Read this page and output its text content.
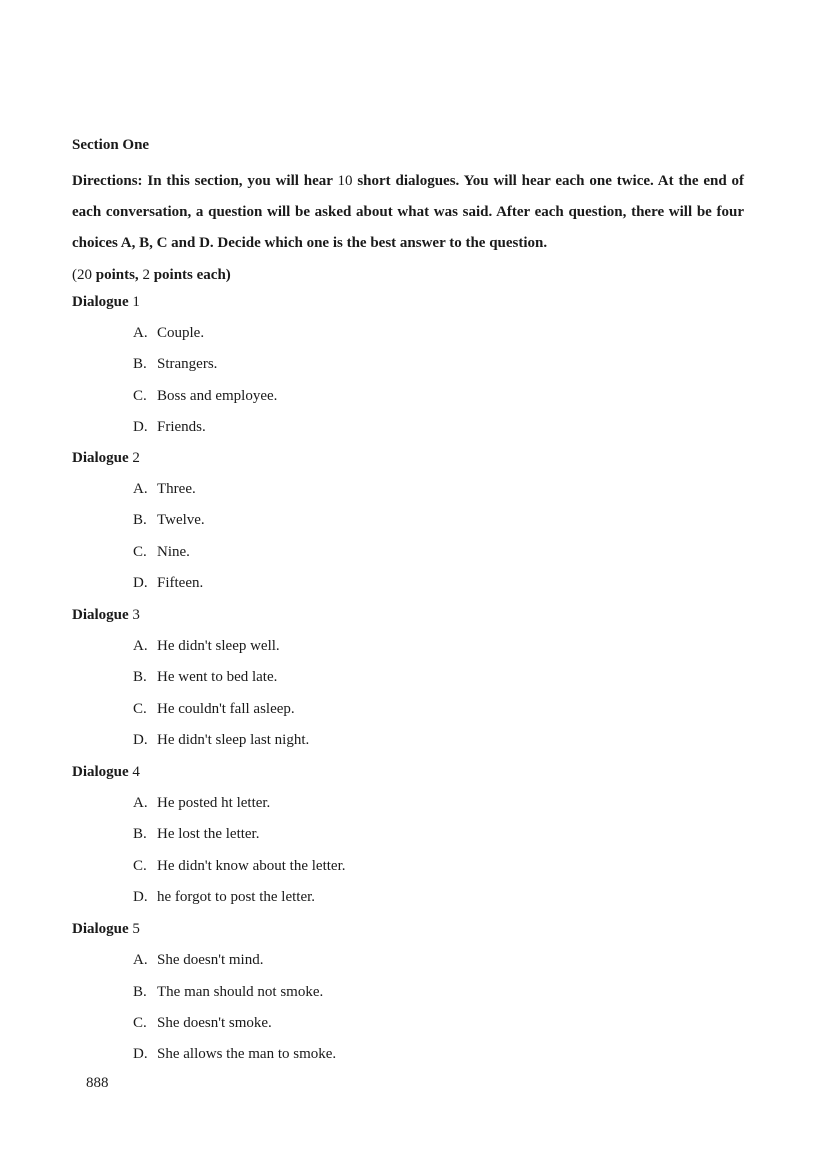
Section One
Directions: In this section, you will hear 10 short dialogues. You will hear each one twice. At the end of each conversation, a question will be asked about what was said. After each question, there will be four choices A, B, C and D. Decide which one is the best answer to the question.
(20 points, 2 points each)
Dialogue 1
A. Couple.
B. Strangers.
C. Boss and employee.
D. Friends.
Dialogue 2
A. Three.
B. Twelve.
C. Nine.
D. Fifteen.
Dialogue 3
A. He didn't sleep well.
B. He went to bed late.
C. He couldn't fall asleep.
D. He didn't sleep last night.
Dialogue 4
A. He posted ht letter.
B. He lost the letter.
C. He didn't know about the letter.
D. he forgot to post the letter.
Dialogue 5
A. She doesn't mind.
B. The man should not smoke.
C. She doesn't smoke.
D. She allows the man to smoke.
888
